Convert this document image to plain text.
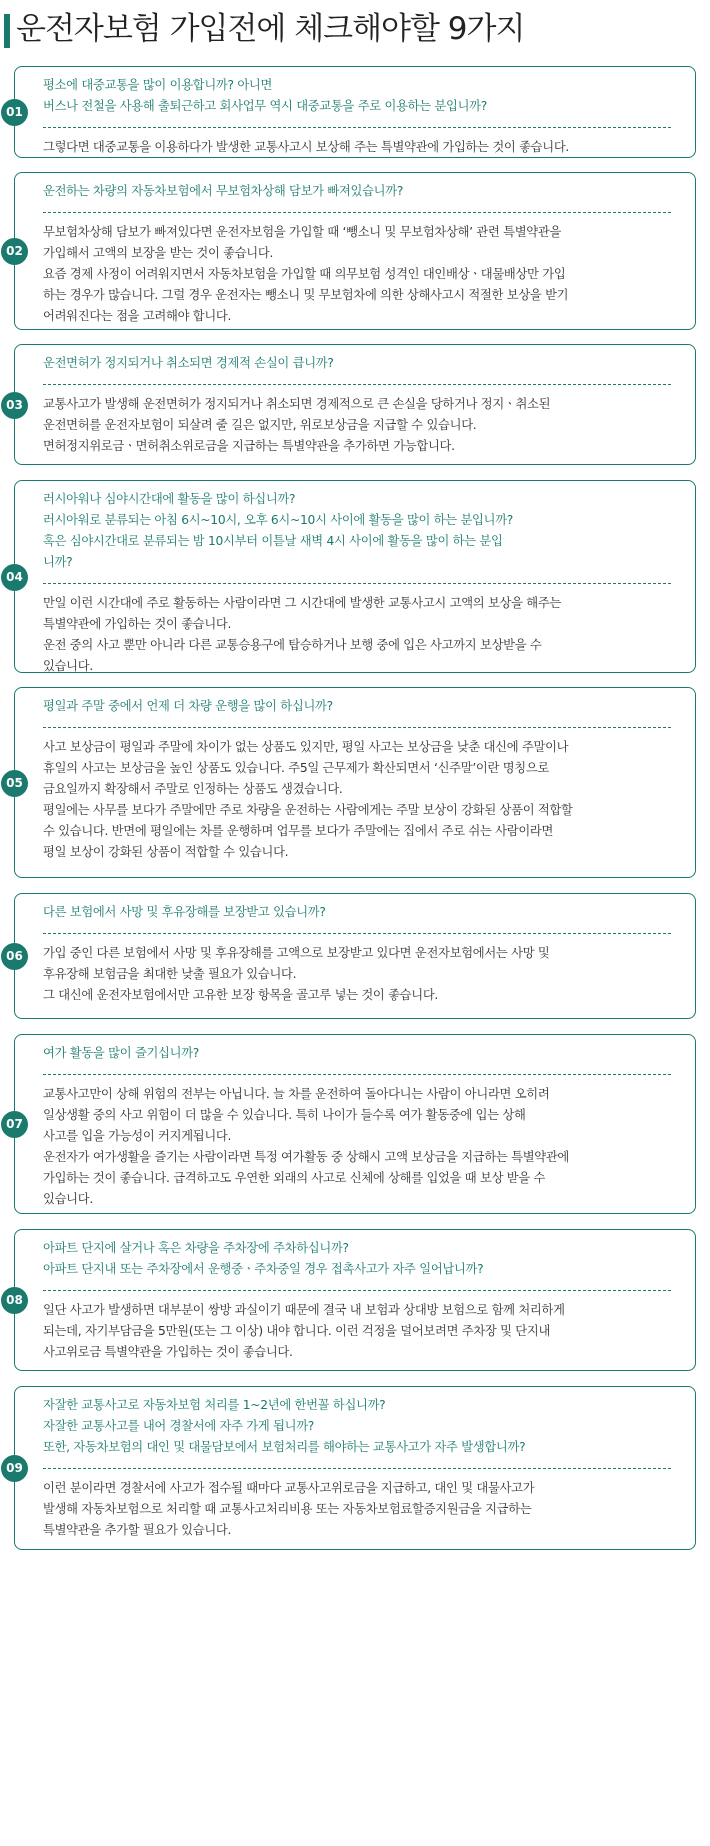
운전자보험 가입전에 체크해야할 9가지
평소에 대중교통을 많이 이용합니까? 아니면
버스나 전철을 사용해 출퇴근하고 회사업무 역시 대중교통을 주로 이용하는 분입니까?
그렇다면 대중교통을 이용하다가 발생한 교통사고시 보상해 주는 특별약관에 가입하는 것이 좋습니다.
01
운전하는 차량의 자동차보험에서 무보험차상해 담보가 빠져있습니까?
무보험차상해 담보가 빠져있다면 운전자보험을 가입할 때 ‘뺑소니 및 무보험차상해’ 관련 특별약관을
가입해서 고액의 보장을 받는 것이 좋습니다.
요즘 경제 사정이 어려워지면서 자동차보험을 가입할 때 의무보험 성격인 대인배상ㆍ대물배상만 가입
하는 경우가 많습니다. 그럴 경우 운전자는 뺑소니 및 무보험차에 의한 상해사고시 적절한 보상을 받기
어려워진다는 점을 고려해야 합니다.
02
운전면허가 정지되거나 취소되면 경제적 손실이 큽니까?
교통사고가 발생해 운전면허가 정지되거나 취소되면 경제적으로 큰 손실을 당하거나 정지ㆍ취소된
운전면허를 운전자보험이 되살려 줄 길은 없지만, 위로보상금을 지급할 수 있습니다.
면허정지위로금ㆍ면허취소위로금을 지급하는 특별약관을 추가하면 가능합니다.
03
러시아워나 심야시간대에 활동을 많이 하십니까?
러시아워로 분류되는 아침 6시~10시, 오후 6시~10시 사이에 활동을 많이 하는 분입니까?
혹은 심야시간대로 분류되는 밤 10시부터 이튿날 새벽 4시 사이에 활동을 많이 하는 분입
니까?
만일 이런 시간대에 주로 활동하는 사람이라면 그 시간대에 발생한 교통사고시 고액의 보상을 해주는
특별약관에 가입하는 것이 좋습니다.
운전 중의 사고 뿐만 아니라 다른 교통승용구에 탑승하거나 보행 중에 입은 사고까지 보상받을 수
있습니다.
04
평일과 주말 중에서 언제 더 차량 운행을 많이 하십니까?
사고 보상금이 평일과 주말에 차이가 없는 상품도 있지만, 평일 사고는 보상금을 낮춘 대신에 주말이나
휴일의 사고는 보상금을 높인 상품도 있습니다. 주5일 근무제가 확산되면서 ‘신주말’이란 명칭으로
금요일까지 확장해서 주말로 인정하는 상품도 생겼습니다.
평일에는 사무를 보다가 주말에만 주로 차량을 운전하는 사람에게는 주말 보상이 강화된 상품이 적합할
수 있습니다. 반면에 평일에는 차를 운행하며 업무를 보다가 주말에는 집에서 주로 쉬는 사람이라면
평일 보상이 강화된 상품이 적합할 수 있습니다.
05
다른 보험에서 사망 및 후유장해를 보장받고 있습니까?
가입 중인 다른 보험에서 사망 및 후유장해를 고액으로 보장받고 있다면 운전자보험에서는 사망 및
후유장해 보험금을 최대한 낮출 필요가 있습니다.
그 대신에 운전자보험에서만 고유한 보장 항목을 골고루 넣는 것이 좋습니다.
06
여가 활동을 많이 즐기십니까?
교통사고만이 상해 위험의 전부는 아닙니다. 늘 차를 운전하여 돌아다니는 사람이 아니라면 오히려
일상생활 중의 사고 위험이 더 많을 수 있습니다. 특히 나이가 들수록 여가 활동중에 입는 상해
사고를 입을 가능성이 커지게됩니다.
운전자가 여가생활을 즐기는 사람이라면 특정 여가활동 중 상해시 고액 보상금을 지급하는 특별약관에
가입하는 것이 좋습니다. 급격하고도 우연한 외래의 사고로 신체에 상해를 입었을 때 보상 받을 수
있습니다.
07
아파트 단지에 살거나 혹은 차량을 주차장에 주차하십니까?
아파트 단지내 또는 주차장에서 운행중ㆍ주차중일 경우 접촉사고가 자주 일어납니까?
일단 사고가 발생하면 대부분이 쌍방 과실이기 때문에 결국 내 보험과 상대방 보험으로 함께 처리하게
되는데, 자기부담금을 5만원(또는 그 이상) 내야 합니다. 이런 걱정을 덜어보려면 주차장 및 단지내
사고위로금 특별약관을 가입하는 것이 좋습니다.
08
자잘한 교통사고로 자동차보험 처리를 1~2년에 한번꼴 하십니까?
자잘한 교통사고를 내어 경찰서에 자주 가게 됩니까?
또한, 자동차보험의 대인 및 대물담보에서 보험처리를 해야하는 교통사고가 자주 발생합니까?
이런 분이라면 경찰서에 사고가 접수될 때마다 교통사고위로금을 지급하고, 대인 및 대물사고가
발생해 자동차보험으로 처리할 때 교통사고처리비용 또는 자동차보험료할증지원금을 지급하는
특별약관을 추가할 필요가 있습니다.
09
